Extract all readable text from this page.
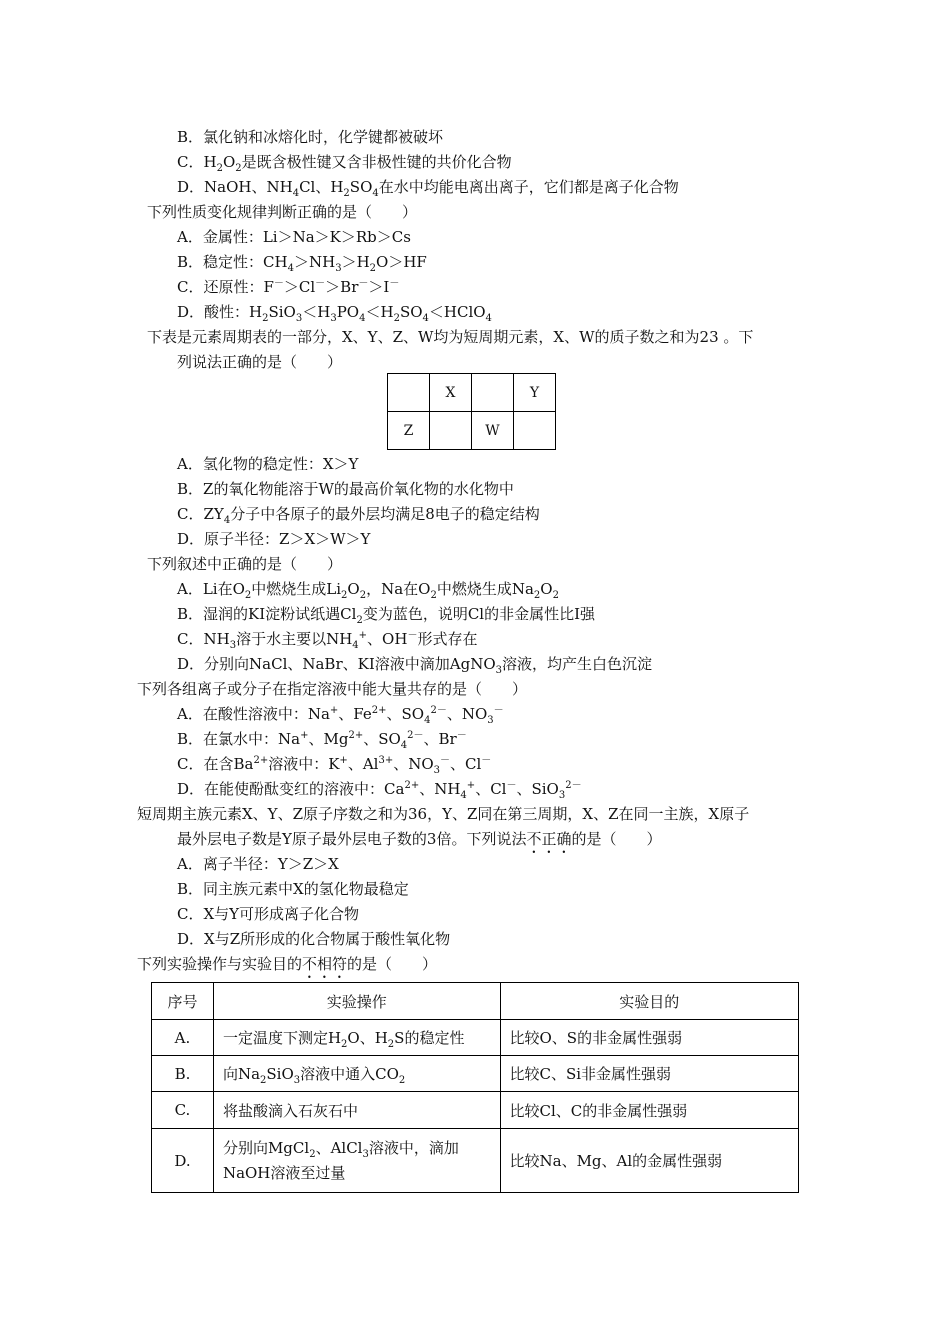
B．氯化钠和冰熔化时，化学键都被破坏
C．$H_2O_2$是既含极性键又含非极性键的共价化合物
D．NaOH、$NH_4Cl$、$H_2SO_4$在水中均能电离出离子，它们都是离子化合物
下列性质变化规律判断正确的是（　　）
A．金属性：Li＞Na＞K＞Rb＞Cs
B．稳定性：$CH_4>NH_3>H_2O>HF$
C．还原性：F－＞Cl－＞Br－＞I－
D．酸性：$H_2SiO_3<H_3PO_4<H_2SO_4<HClO_4$
下表是元素周期表的一部分，X、Y、Z、W均为短周期元素，X、W的质子数之和为23 。下
列说法正确的是（　　）
	X		Y
Z		W	
A．氢化物的稳定性：X＞Y
B．Z的氧化物能溶于W的最高价氧化物的水化物中
C．$ZY_4$分子中各原子的最外层均满足8电子的稳定结构
D．原子半径：Z＞X＞W＞Y
下列叙述中正确的是（　　）
A．Li在$O_2$中燃烧生成$Li_2O_2$，Na在$O_2$中燃烧生成$Na_2O_2$
B．湿润的KI淀粉试纸遇$Cl_2$变为蓝色，说明Cl的非金属性比I强
C．$NH_3$溶于水主要以$NH_4^+$、OH－形式存在
D．分别向NaCl、NaBr、KI溶液中滴加AgNO$_3$溶液，均产生白色沉淀
下列各组离子或分子在指定溶液中能大量共存的是（　　）
A．在酸性溶液中：Na+、$Fe^{2+}$、$SO_4^{2-}$、$NO_3^-$
B．在氯水中：Na+、$Mg^{2+}$、$SO_4^{2-}$、Br－
C．在含$Ba^{2+}$溶液中：K+、$Al^{3+}$、$NO_3^-$、Cl－
D．在能使酚酞变红的溶液中：$Ca^{2+}$、$NH_4^+$、Cl－、SiO$_3^{2-}$
短周期主族元素X、Y、Z原子序数之和为36，Y、Z同在第三周期，X、Z在同一主族，X原子
最外层电子数是Y原子最外层电子数的3倍。下列说法不正确的是（　　）
A．离子半径：Y＞Z＞X
B．同主族元素中X的氢化物最稳定
C．X与Y可形成离子化合物
D．X与Z所形成的化合物属于酸性氧化物
下列实验操作与实验目的不相符的是（　　）
序号	实验操作	实验目的
A.	一定温度下测定$H_2O$、$H_2S$的稳定性	比较O、S的非金属性强弱
B.	向$Na_2SiO_3$溶液中通入$CO_2$	比较C、Si非金属性强弱
C.	将盐酸滴入石灰石中	比较Cl、C的非金属性强弱
D.	分别向MgCl$_2$、AlCl$_3$溶液中，滴加
NaOH溶液至过量	比较Na、Mg、Al的金属性强弱
